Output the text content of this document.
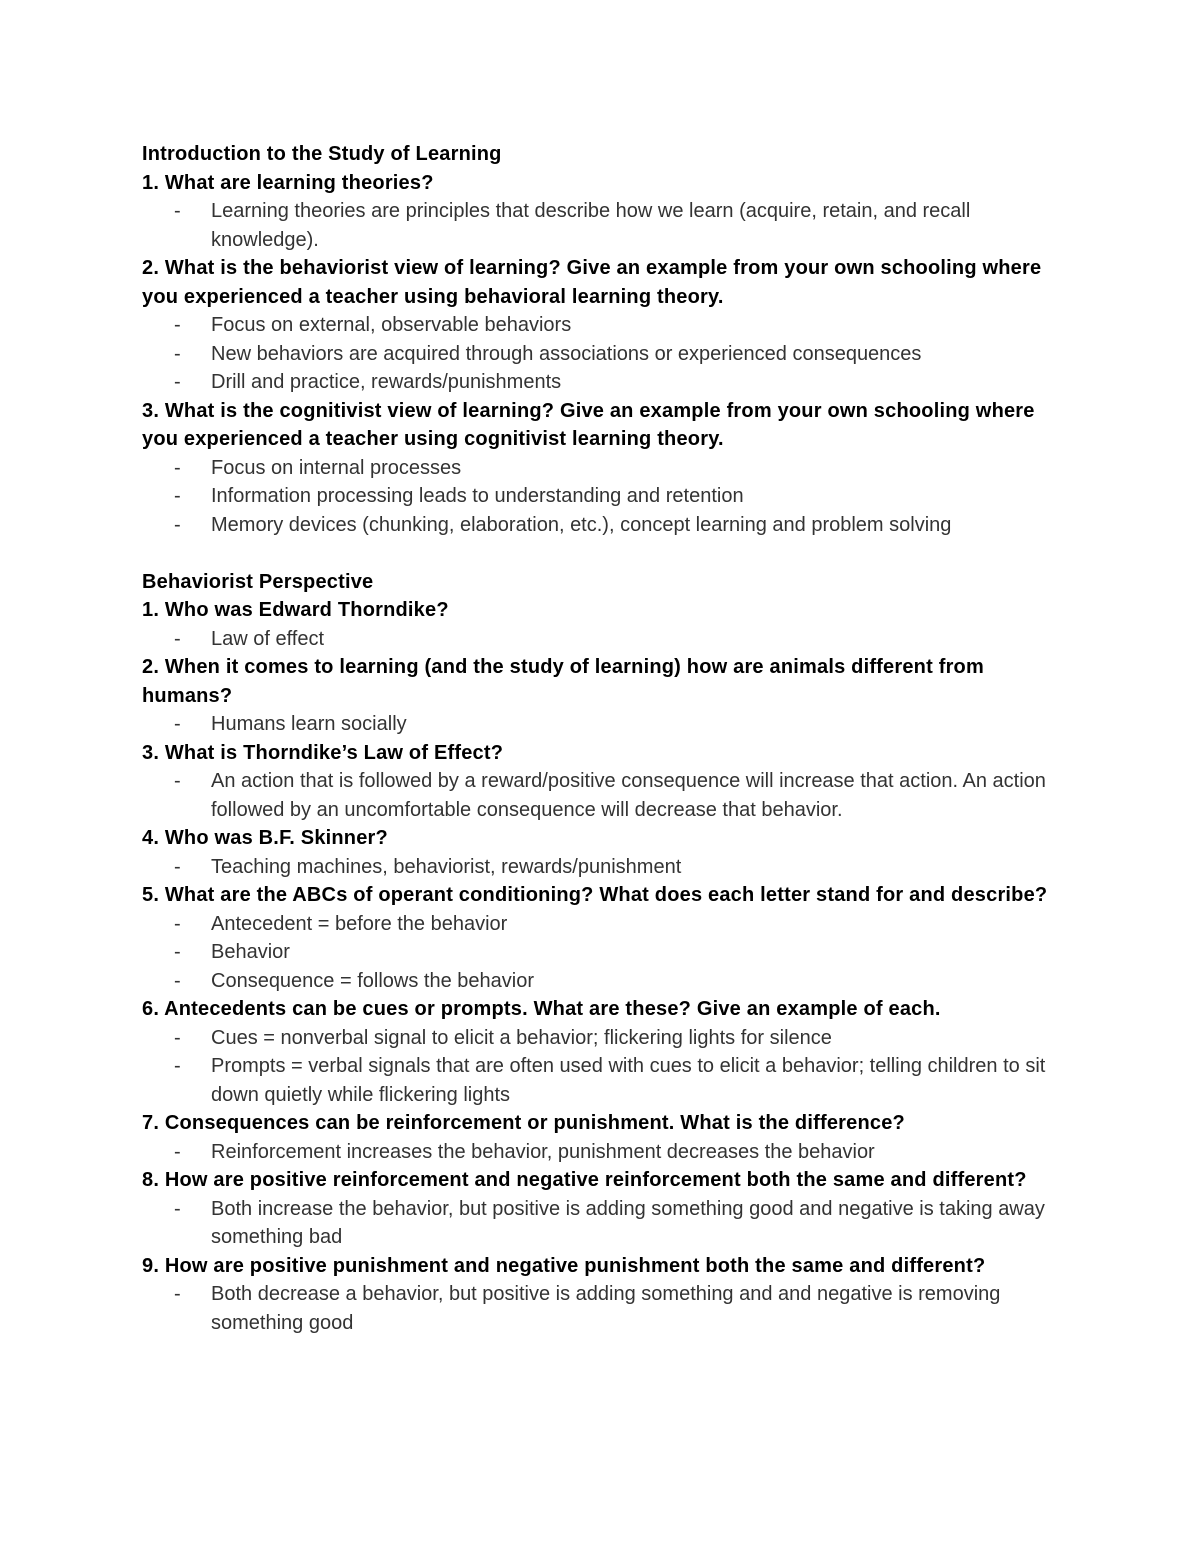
Introduction to the Study of Learning
1. What are learning theories?
-	Learning theories are principles that describe how we learn (acquire, retain, and recall knowledge).
2. What is the behaviorist view of learning? Give an example from your own schooling where you experienced a teacher using behavioral learning theory.
-	Focus on external, observable behaviors
-	New behaviors are acquired through associations or experienced consequences
-	Drill and practice, rewards/punishments
3. What is the cognitivist view of learning? Give an example from your own schooling where you experienced a teacher using cognitivist learning theory.
-	Focus on internal processes
-	Information processing leads to understanding and retention
-	Memory devices (chunking, elaboration, etc.), concept learning and problem solving
Behaviorist Perspective
1. Who was Edward Thorndike?
-	Law of effect
2. When it comes to learning (and the study of learning) how are animals different from humans?
-	Humans learn socially
3. What is Thorndike’s Law of Effect?
-	An action that is followed by a reward/positive consequence will increase that action. An action followed by an uncomfortable consequence will decrease that behavior.
4. Who was B.F. Skinner?
-	Teaching machines, behaviorist, rewards/punishment
5. What are the ABCs of operant conditioning? What does each letter stand for and describe?
-	Antecedent = before the behavior
-	Behavior
-	Consequence = follows the behavior
6. Antecedents can be cues or prompts. What are these? Give an example of each.
-	Cues = nonverbal signal to elicit a behavior; flickering lights for silence
-	Prompts = verbal signals that are often used with cues to elicit a behavior; telling children to sit down quietly while flickering lights
7. Consequences can be reinforcement or punishment. What is the difference?
-	Reinforcement increases the behavior, punishment decreases the behavior
8. How are positive reinforcement and negative reinforcement both the same and different?
-	Both increase the behavior, but positive is adding something good and negative is taking away something bad
9. How are positive punishment and negative punishment both the same and different?
-	Both decrease a behavior, but positive is adding something and and negative is removing something good
